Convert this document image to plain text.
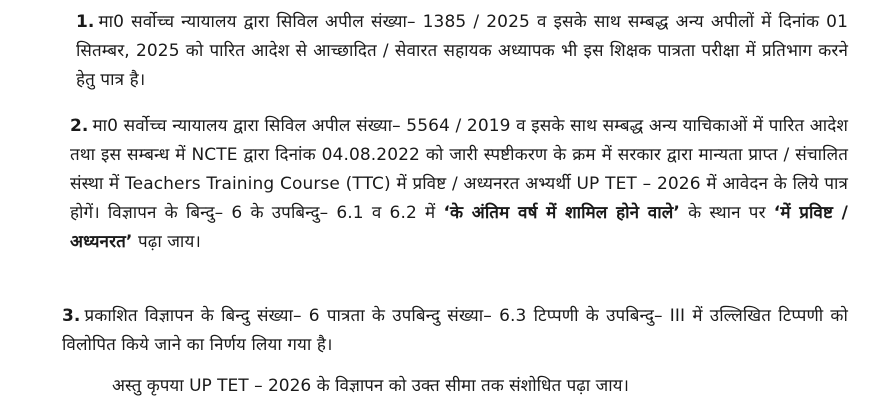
1. मा0 सर्वोच्च न्यायालय द्वारा सिविल अपील संख्या– 1385 / 2025 व इसके साथ सम्बद्ध अन्य अपीलों में दिनांक 01 सितम्बर, 2025 को पारित आदेश से आच्छादित / सेवारत सहायक अध्यापक भी इस शिक्षक पात्रता परीक्षा में प्रतिभाग करने हेतु पात्र है।
2. मा0 सर्वोच्च न्यायालय द्वारा सिविल अपील संख्या– 5564 / 2019 व इसके साथ सम्बद्ध अन्य याचिकाओं में पारित आदेश तथा इस सम्बन्ध में NCTE द्वारा दिनांक 04.08.2022 को जारी स्पष्टीकरण के क्रम में सरकार द्वारा मान्यता प्राप्त / संचालित संस्था में Teachers Training Course (TTC) में प्रविष्ट / अध्यनरत अभ्यर्थी UP TET – 2026 में आवेदन के लिये पात्र होगें। विज्ञापन के बिन्दु– 6 के उपबिन्दु– 6.1 व 6.2 में ‘के अंतिम वर्ष में शामिल होने वाले’ के स्थान पर ‘में प्रविष्ट / अध्यनरत’ पढ़ा जाय।
3. प्रकाशित विज्ञापन के बिन्दु संख्या– 6 पात्रता के उपबिन्दु संख्या– 6.3 टिप्पणी के उपबिन्दु– III में उल्लिखित टिप्पणी को विलोपित किये जाने का निर्णय लिया गया है।
अस्तु कृपया UP TET – 2026 के विज्ञापन को उक्त सीमा तक संशोधित पढ़ा जाय।
